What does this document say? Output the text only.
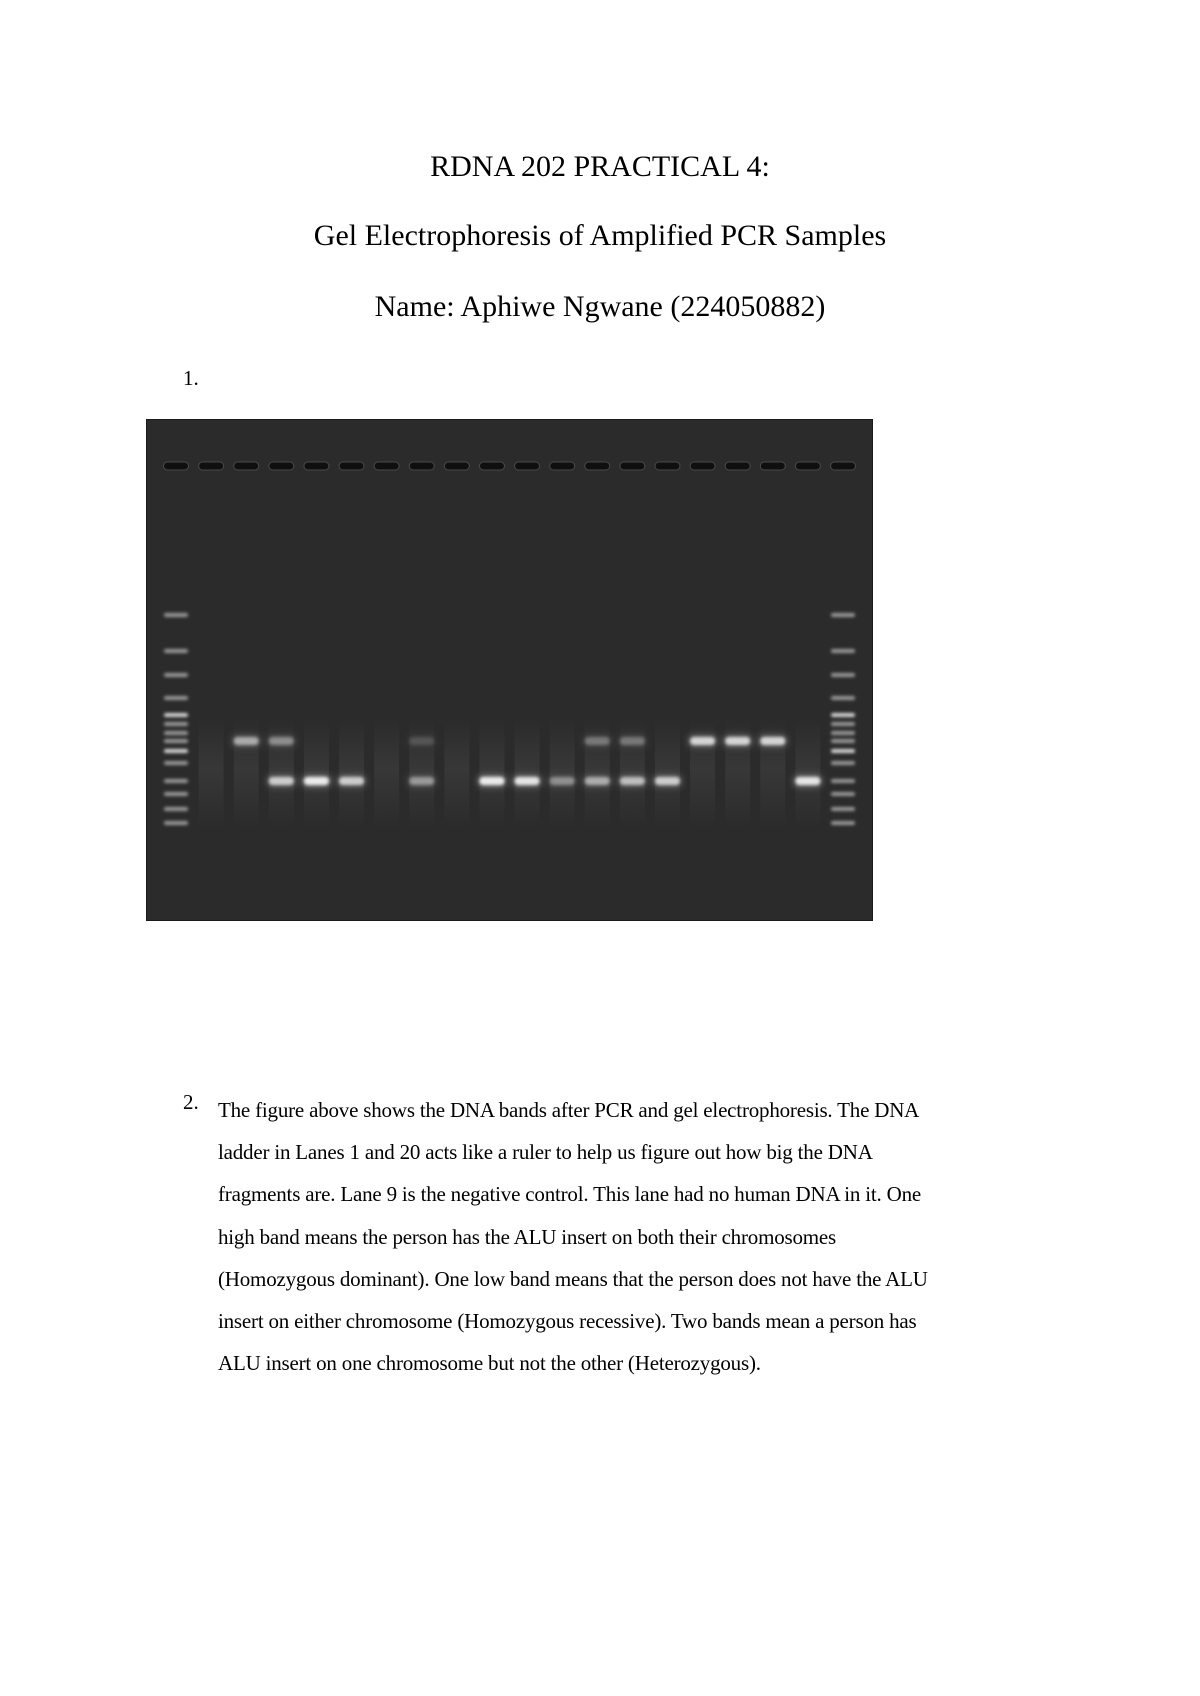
RDNA 202 PRACTICAL 4:
Gel Electrophoresis of Amplified PCR Samples
Name: Aphiwe Ngwane (224050882)
1.
2. The figure above shows the DNA bands after PCR and gel electrophoresis. The DNA
ladder in Lanes 1 and 20 acts like a ruler to help us figure out how big the DNA
fragments are. Lane 9 is the negative control. This lane had no human DNA in it. One
high band means the person has the ALU insert on both their chromosomes
(Homozygous dominant). One low band means that the person does not have the ALU
insert on either chromosome (Homozygous recessive). Two bands mean a person has
ALU insert on one chromosome but not the other (Heterozygous).
